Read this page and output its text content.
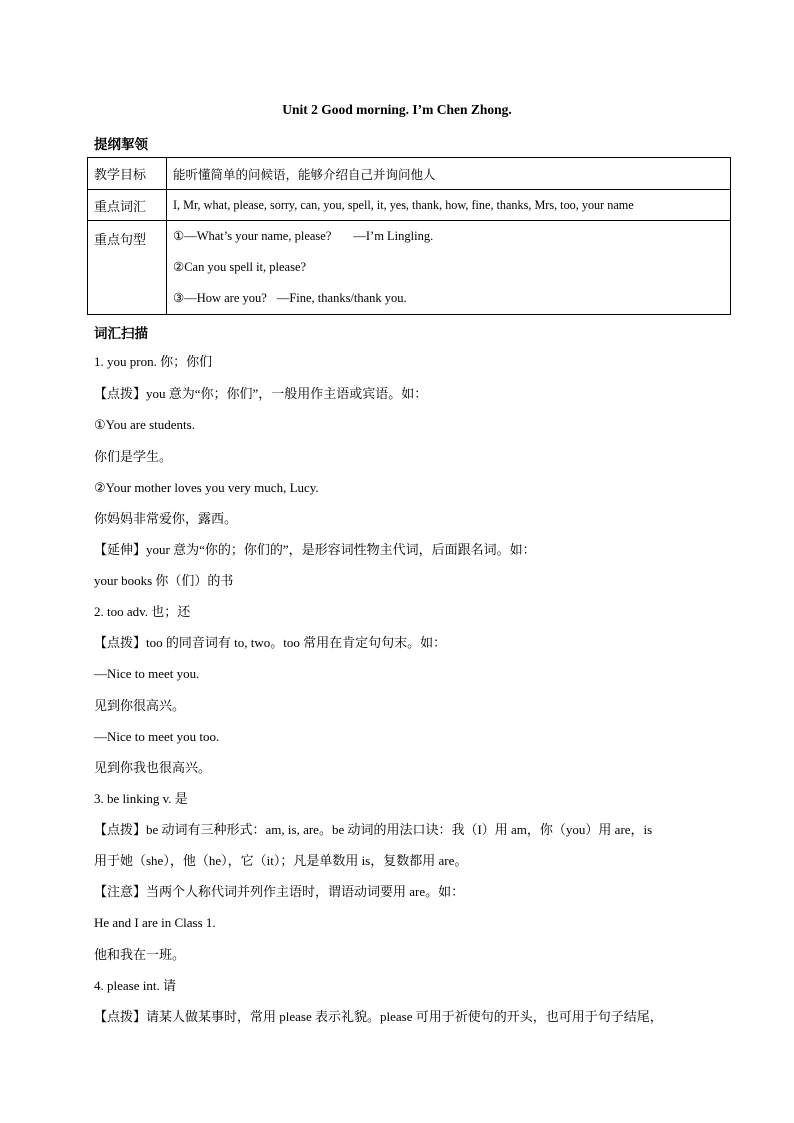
Unit 2 Good morning. I’m Chen Zhong.
提纲挈领
教学目标	能听懂简单的问候语，能够介绍自己并询问他人
重点词汇	I, Mr, what, please, sorry, can, you, spell, it, yes, thank, how, fine, thanks, Mrs, too, your name
重点句型	①—What’s your name, please? —I’m Lingling.
②Can you spell it, please?
③—How are you? —Fine, thanks/thank you.
词汇扫描
1. you pron. 你；你们
【点拨】you 意为“你；你们”，一般用作主语或宾语。如：
①You are students.
你们是学生。
②Your mother loves you very much, Lucy.
你妈妈非常爱你，露西。
【延伸】your 意为“你的；你们的”，是形容词性物主代词，后面跟名词。如：
your books 你（们）的书
2. too adv. 也；还
【点拨】too 的同音词有 to, two。too 常用在肯定句句末。如：
—Nice to meet you.
见到你很高兴。
—Nice to meet you too.
见到你我也很高兴。
3. be linking v. 是
【点拨】be 动词有三种形式：am, is, are。be 动词的用法口诀：我（I）用 am，你（you）用 are，is
用于她（she），他（he），它（it）；凡是单数用 is，复数都用 are。
【注意】当两个人称代词并列作主语时，谓语动词要用 are。如：
He and I are in Class 1.
他和我在一班。
4. please int. 请
【点拨】请某人做某事时，常用 please 表示礼貌。please 可用于祈使句的开头，也可用于句子结尾，
